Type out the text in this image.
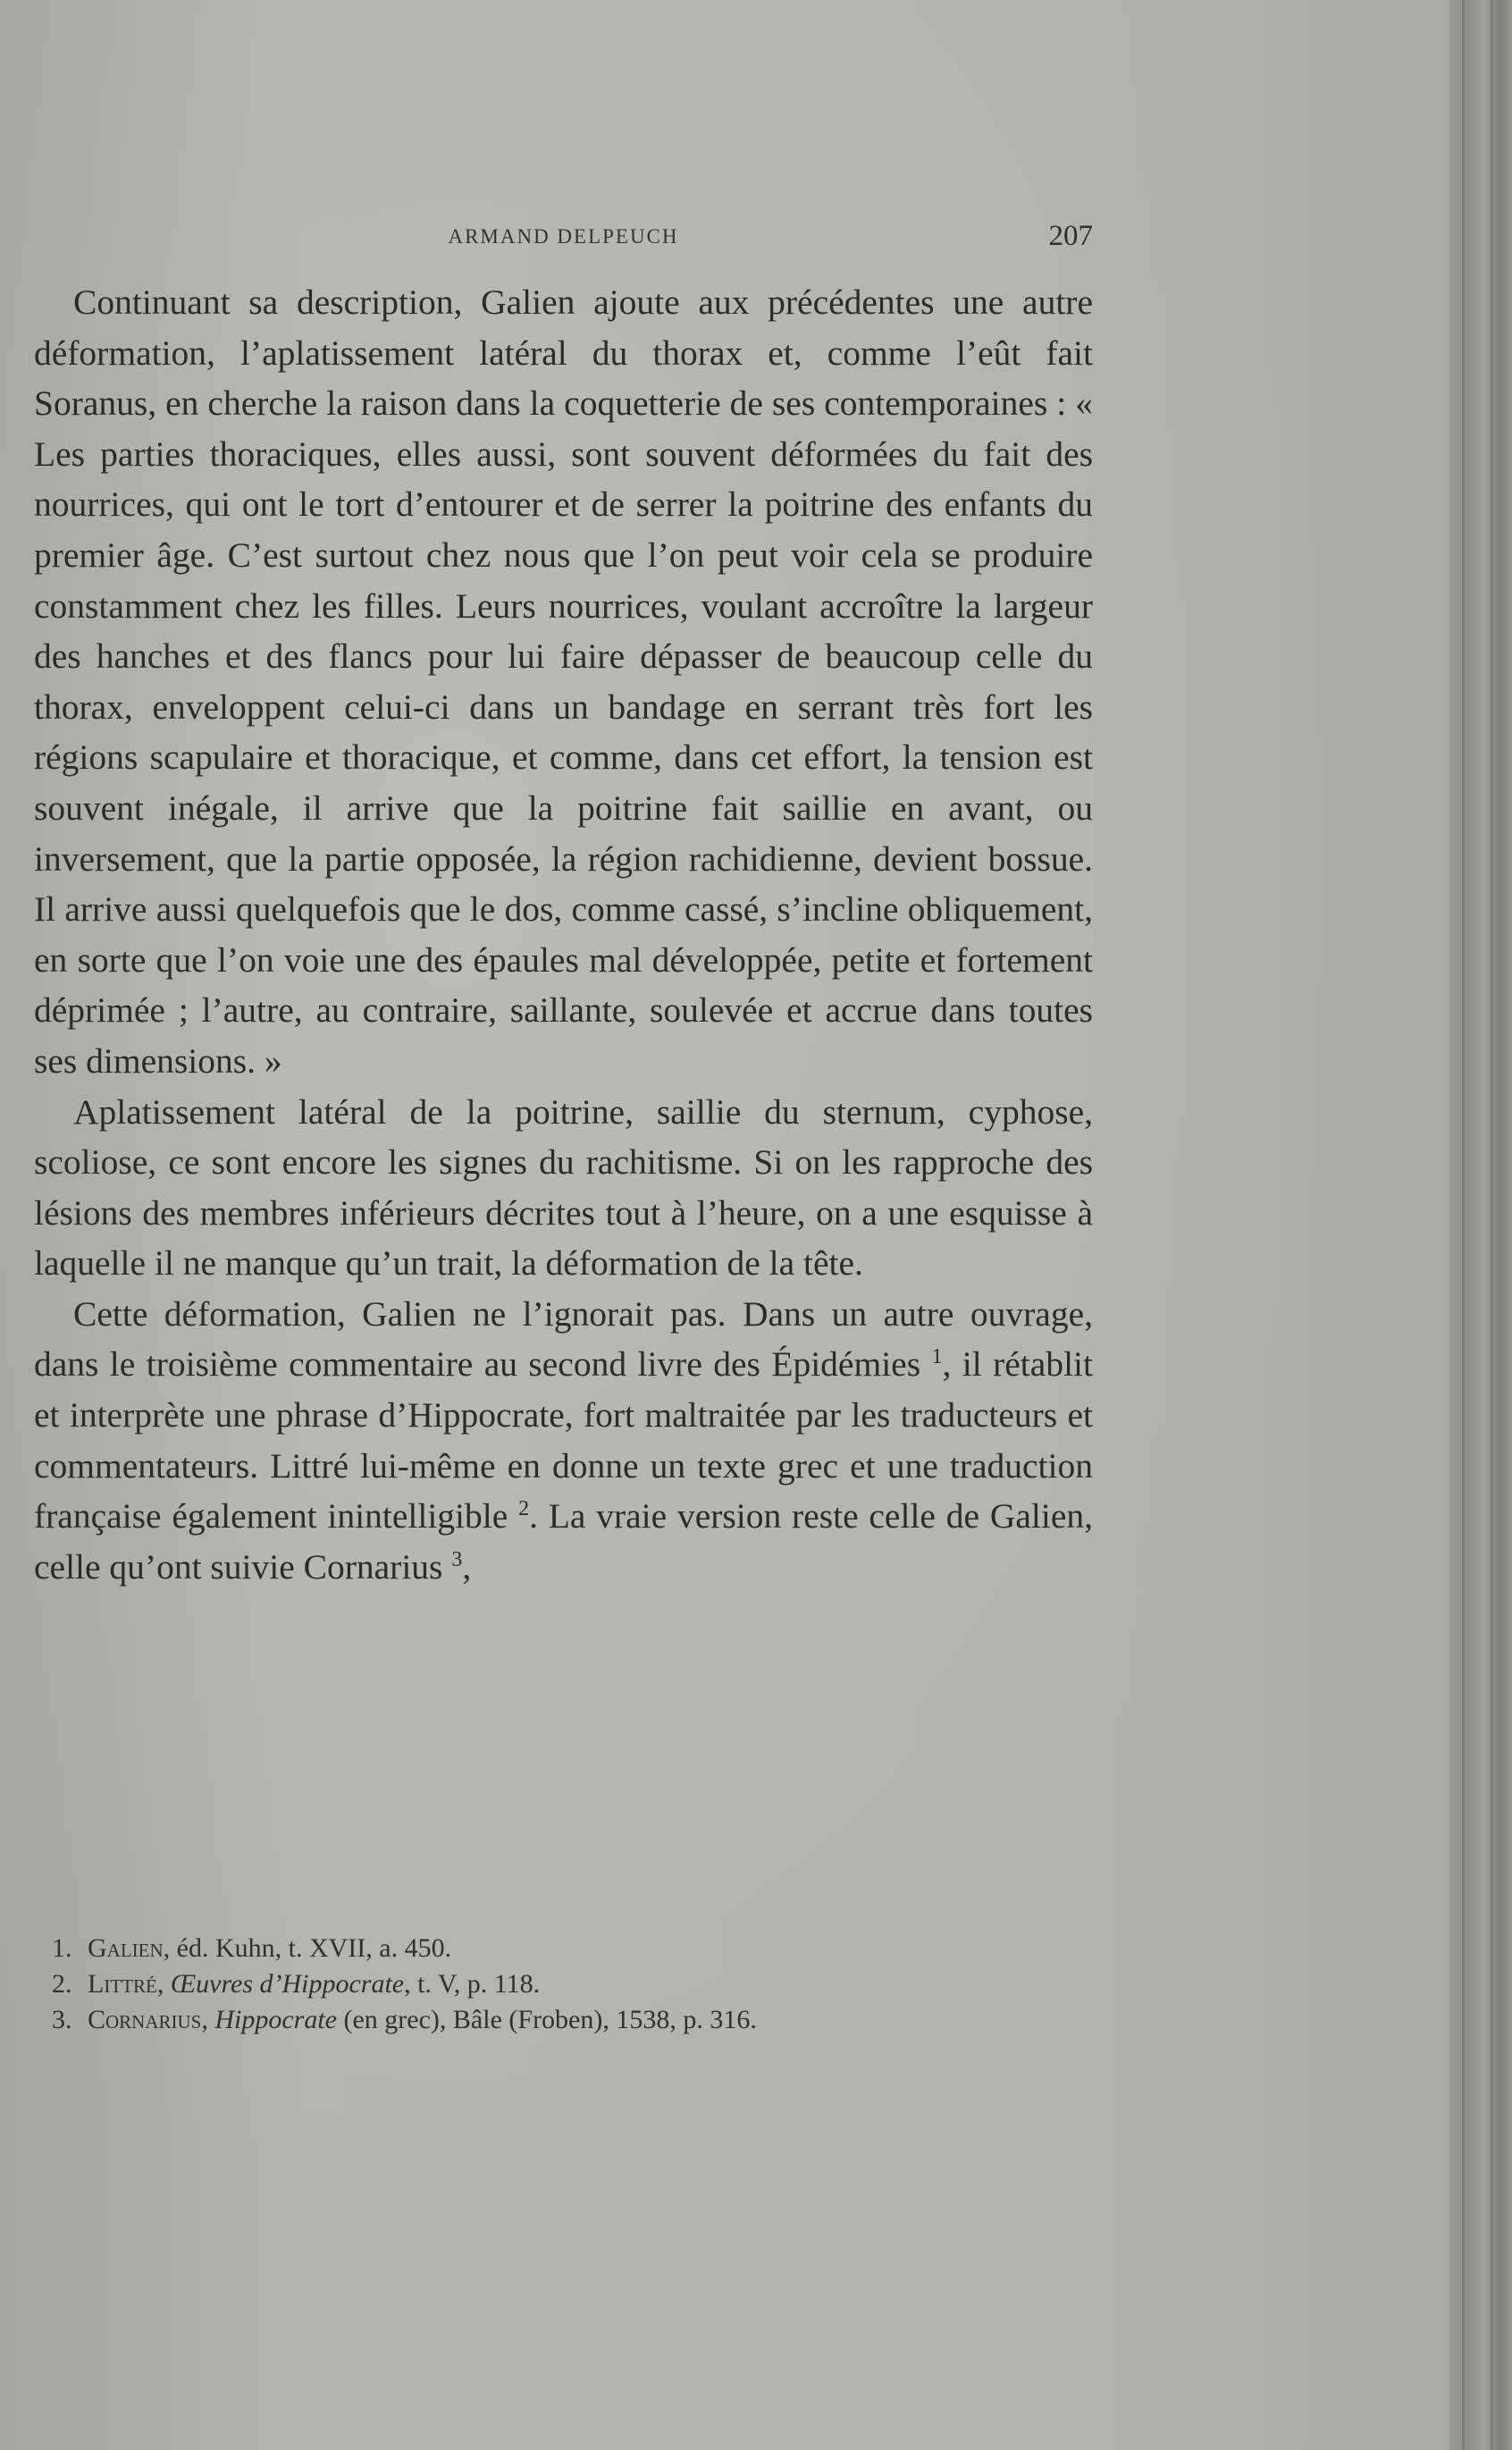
ARMAND DELPEUCH	207

Continuant sa description, Galien ajoute aux précédentes une autre déformation, l’aplatissement latéral du thorax et, comme l’eût fait Soranus, en cherche la raison dans la coquetterie de ses contemporaines : « Les parties thoraciques, elles aussi, sont souvent déformées du fait des nourrices, qui ont le tort d’entourer et de serrer la poitrine des enfants du premier âge. C’est surtout chez nous que l’on peut voir cela se produire constamment chez les filles. Leurs nourrices, voulant accroître la largeur des hanches et des flancs pour lui faire dépasser de beaucoup celle du thorax, enveloppent celui-ci dans un bandage en serrant très fort les régions scapulaire et thoracique, et comme, dans cet effort, la tension est souvent inégale, il arrive que la poitrine fait saillie en avant, ou inversement, que la partie opposée, la région rachidienne, devient bossue. Il arrive aussi quelquefois que le dos, comme cassé, s’incline obliquement, en sorte que l’on voie une des épaules mal développée, petite et fortement déprimée ; l’autre, au contraire, saillante, soulevée et accrue dans toutes ses dimensions. »

Aplatissement latéral de la poitrine, saillie du sternum, cyphose, scoliose, ce sont encore les signes du rachitisme. Si on les rapproche des lésions des membres inférieurs décrites tout à l’heure, on a une esquisse à laquelle il ne manque qu’un trait, la déformation de la tête.

Cette déformation, Galien ne l’ignorait pas. Dans un autre ouvrage, dans le troisième commentaire au second livre des Épidémies $^1$, il rétablit et interprète une phrase d’Hippocrate, fort maltraitée par les traducteurs et commentateurs. Littré lui-même en donne un texte grec et une traduction française également inintelligible $^2$. La vraie version reste celle de Galien, celle qu’ont suivie Cornarius $^3$,

1. Galien, éd. Kuhn, t. XVII, a. 450.
2. Littré, Œuvres d’Hippocrate, t. V, p. 118.
3. Cornarius, Hippocrate (en grec), Bâle (Froben), 1538, p. 316.
